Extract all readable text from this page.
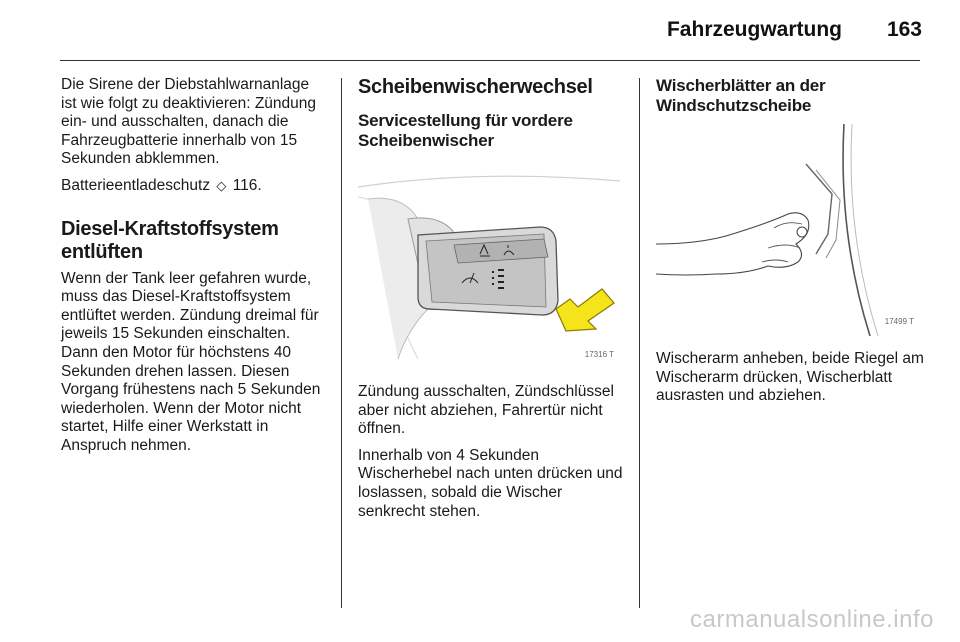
Fahrzeugwartung 163

Die Sirene der Diebstahlwarnanlage ist wie folgt zu deaktivieren: Zündung ein- und ausschalten, danach die Fahrzeugbatterie innerhalb von 15 Sekunden abklemmen.

Batterieentladeschutz ◇ 116.

Diesel-Kraftstoffsystem
entlüften

Wenn der Tank leer gefahren wurde, muss das Diesel-Kraftstoffsystem entlüftet werden. Zündung dreimal für jeweils 15 Sekunden einschalten. Dann den Motor für höchstens 40 Sekunden drehen lassen. Diesen Vorgang frühestens nach 5 Sekunden wiederholen. Wenn der Motor nicht startet, Hilfe einer Werkstatt in Anspruch nehmen.

Scheibenwischerwechsel
Servicestellung für vordere
Scheibenwischer
17316 T

Zündung ausschalten, Zündschlüssel aber nicht abziehen, Fahrertür nicht öffnen.

Innerhalb von 4 Sekunden Wischerhebel nach unten drücken und loslassen, sobald die Wischer senkrecht stehen.

Wischerblätter an der
Windschutzscheibe
17499 T

Wischerarm anheben, beide Riegel am Wischerarm drücken, Wischerblatt ausrasten und abziehen.

carmanualsonline.info
